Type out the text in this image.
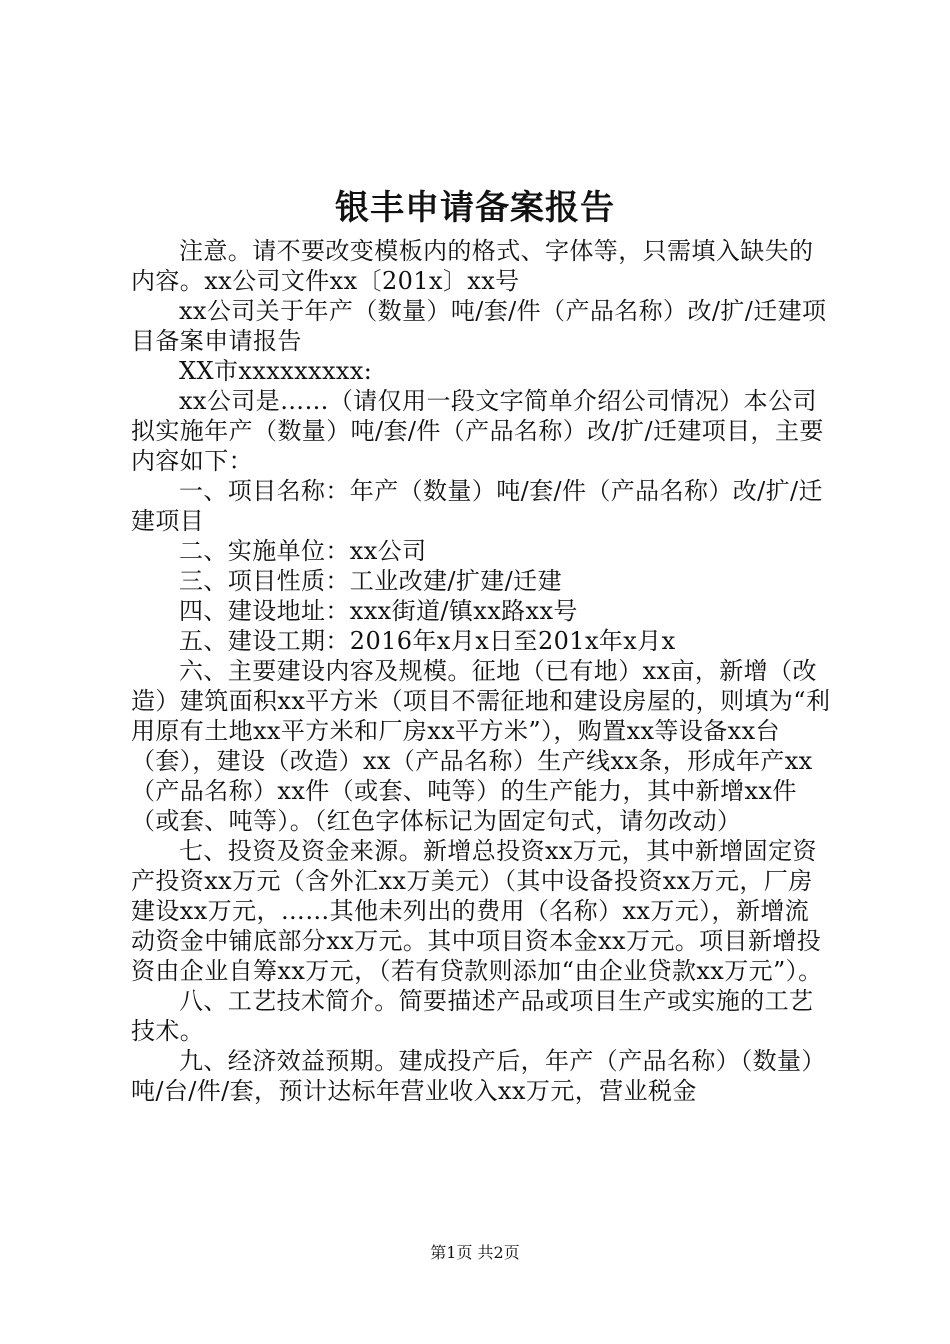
银丰申请备案报告

注意。请不要改变模板内的格式、字体等，只需填入缺失的内容。xx公司文件xx〔201x〕xx号

xx公司关于年产（数量）吨/套/件（产品名称）改/扩/迁建项目备案申请报告

XX市xxxxxxxxx:

xx公司是……（请仅用一段文字简单介绍公司情况）本公司拟实施年产（数量）吨/套/件（产品名称）改/扩/迁建项目，主要内容如下：

一、项目名称：年产（数量）吨/套/件（产品名称）改/扩/迁建项目

二、实施单位：xx公司

三、项目性质：工业改建/扩建/迁建

四、建设地址：xxx街道/镇xx路xx号

五、建设工期：2016年x月x日至201x年x月x

六、主要建设内容及规模。征地（已有地）xx亩，新增（改造）建筑面积xx平方米（项目不需征地和建设房屋的，则填为“利用原有土地xx平方米和厂房xx平方米”），购置xx等设备xx台（套），建设（改造）xx（产品名称）生产线xx条，形成年产xx（产品名称）xx件（或套、吨等）的生产能力，其中新增xx件（或套、吨等）。（红色字体标记为固定句式，请勿改动）

七、投资及资金来源。新增总投资xx万元，其中新增固定资产投资xx万元（含外汇xx万美元）（其中设备投资xx万元，厂房建设xx万元，……其他未列出的费用（名称）xx万元），新增流动资金中铺底部分xx万元。其中项目资本金xx万元。项目新增投资由企业自筹xx万元，（若有贷款则添加“由企业贷款xx万元”）。

八、工艺技术简介。简要描述产品或项目生产或实施的工艺技术。

九、经济效益预期。建成投产后，年产（产品名称）（数量）吨/台/件/套，预计达标年营业收入xx万元，营业税金

第1页 共2页
